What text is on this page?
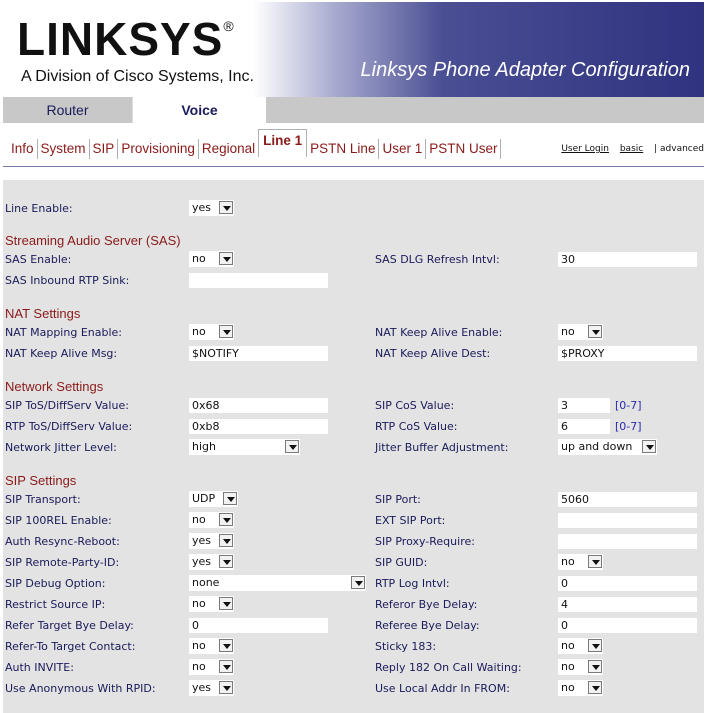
LINKSYS®
A Division of Cisco Systems, Inc.	Linksys Phone Adapter Configuration
Router	Voice
Info System SIP Provisioning Regional
Line 1
PSTN Line User 1 PSTN User	User Login basic | advanced
Line Enable:	yes
Streaming Audio Server (SAS)
SAS Enable:	no	SAS DLG Refresh Intvl:	30
SAS Inbound RTP Sink:
NAT Settings
NAT Mapping Enable:	no	NAT Keep Alive Enable:	no
NAT Keep Alive Msg:	$NOTIFY	NAT Keep Alive Dest:	$PROXY
Network Settings
SIP ToS/DiffServ Value:	0x68	SIP CoS Value:	3	[0-7]
RTP ToS/DiffServ Value:	0xb8	RTP CoS Value:	6	[0-7]
Network Jitter Level:	high	Jitter Buffer Adjustment:	up and down
SIP Settings
SIP Transport:	UDP	SIP Port:	5060
SIP 100REL Enable:	no	EXT SIP Port:
Auth Resync-Reboot:	yes	SIP Proxy-Require:
SIP Remote-Party-ID:	yes	SIP GUID:	no
SIP Debug Option:	none	RTP Log Intvl:	0
Restrict Source IP:	no	Referor Bye Delay:	4
Refer Target Bye Delay:	0	Referee Bye Delay:	0
Refer-To Target Contact:	no	Sticky 183:	no
Auth INVITE:	no	Reply 182 On Call Waiting:	no
Use Anonymous With RPID:	yes	Use Local Addr In FROM:	no
